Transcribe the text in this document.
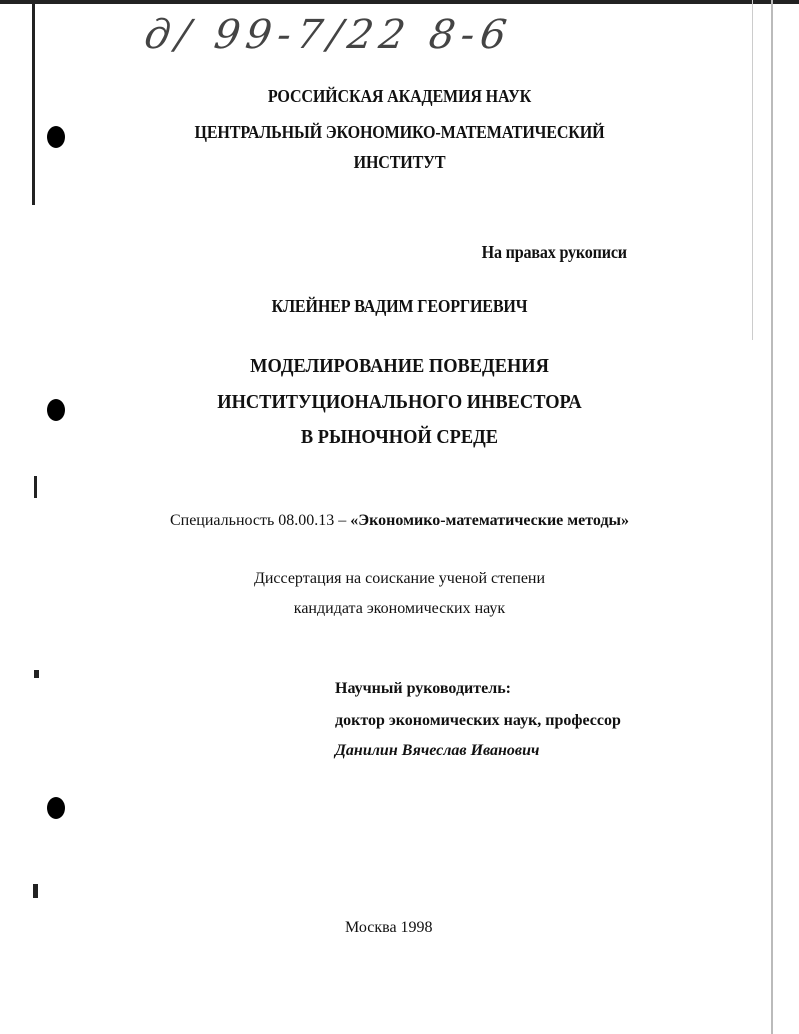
д/ 99-7/22 8-6
РОССИЙСКАЯ АКАДЕМИЯ НАУК
ЦЕНТРАЛЬНЫЙ ЭКОНОМИКО-МАТЕМАТИЧЕСКИЙ
ИНСТИТУТ
На правах рукописи
КЛЕЙНЕР ВАДИМ ГЕОРГИЕВИЧ
МОДЕЛИРОВАНИЕ ПОВЕДЕНИЯ
ИНСТИТУЦИОНАЛЬНОГО ИНВЕСТОРА
В РЫНОЧНОЙ СРЕДЕ
Специальность 08.00.13 – «Экономико-математические методы»
Диссертация на соискание ученой степени
кандидата экономических наук
Научный руководитель:
доктор экономических наук, профессор
Данилин Вячеслав Иванович
Москва 1998
